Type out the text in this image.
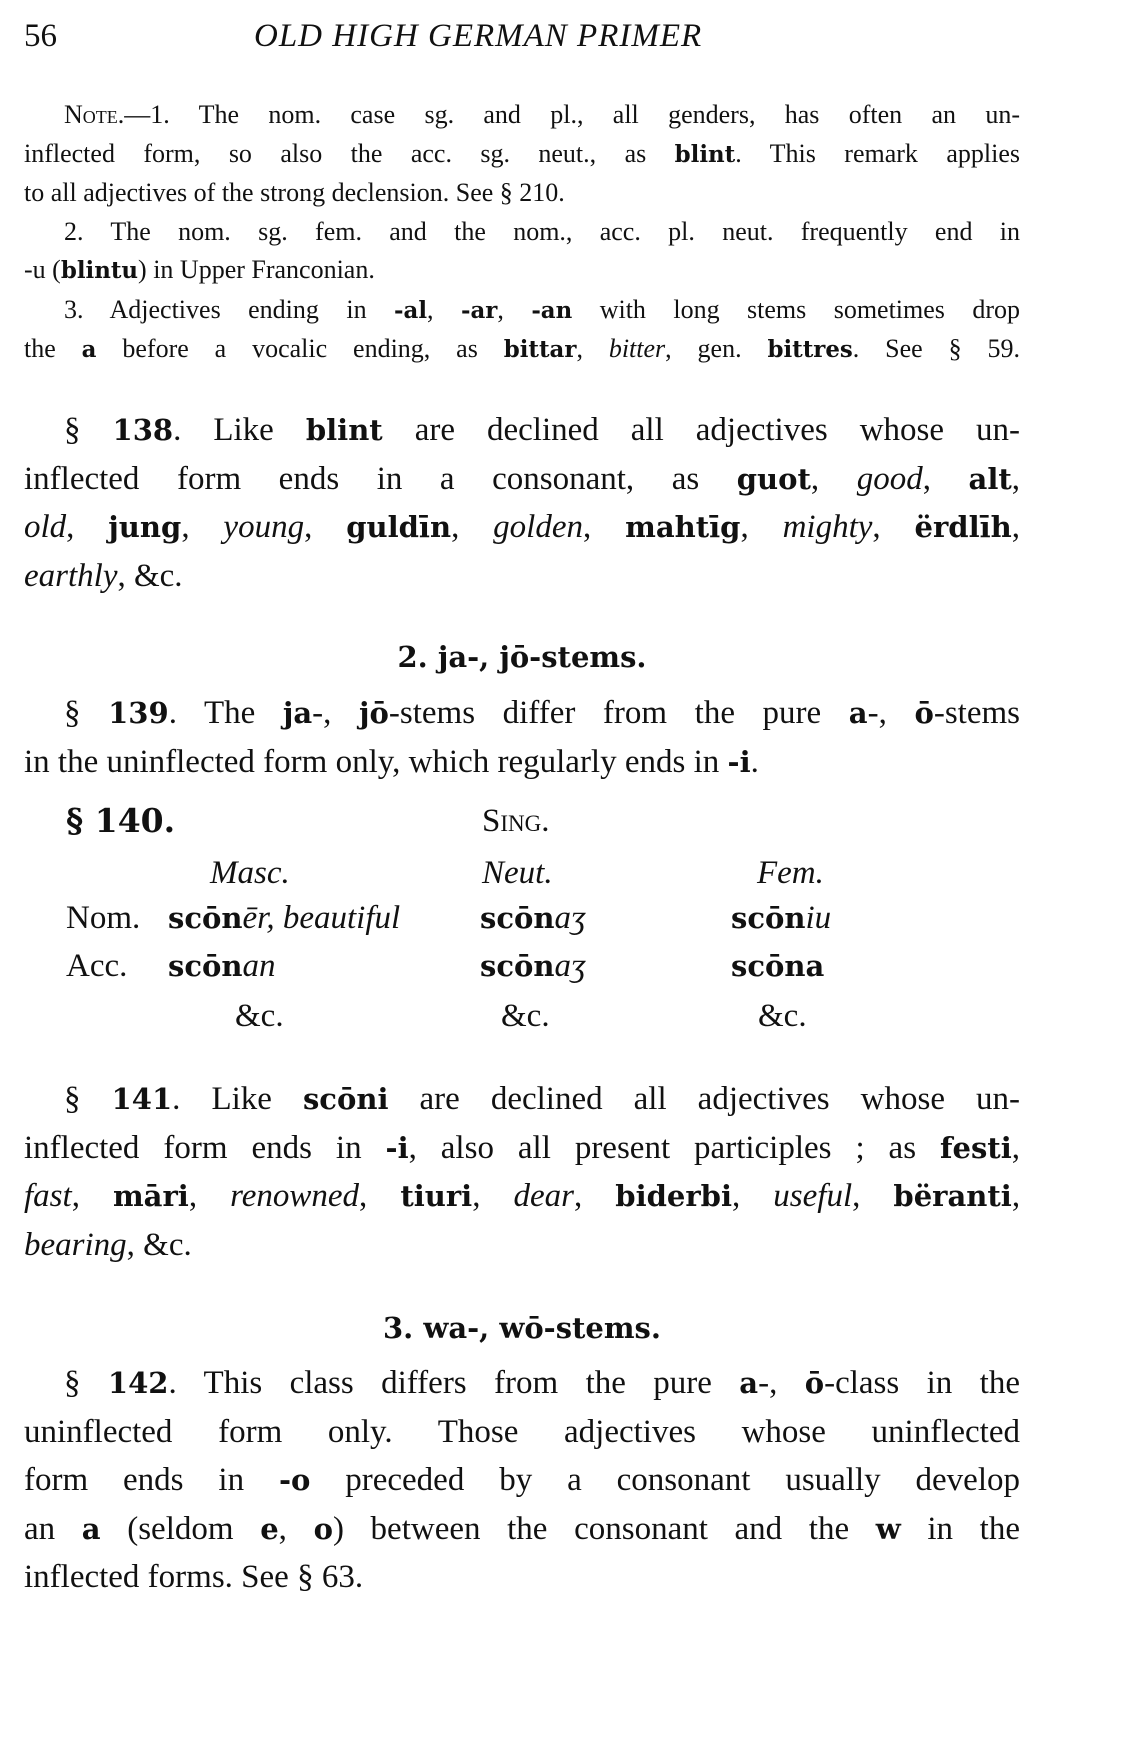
56	OLD HIGH GERMAN PRIMER
Note.—1. The nom. case sg. and pl., all genders, has often an un-
inflected form, so also the acc. sg. neut., as blint. This remark applies
to all adjectives of the strong declension. See § 210.
2. The nom. sg. fem. and the nom., acc. pl. neut. frequently end in
-u (blintu) in Upper Franconian.
3. Adjectives ending in -al, -ar, -an with long stems sometimes drop
the a before a vocalic ending, as bittar, bitter, gen. bittres. See § 59.
§ 138. Like blint are declined all adjectives whose un-
inflected form ends in a consonant, as guot, good, alt,
old, jung, young, guldīn, golden, mahtīg, mighty, ërdlīh,
earthly, &c.
2. ja-, jō-stems.
§ 139. The ja-, jō-stems differ from the pure a-, ō-stems
in the uninflected form only, which regularly ends in -i.
§ 140.	Sing.
Masc.	Neut.	Fem.
Nom. scōnēr, beautiful	scōnaʒ	scōniu
Acc. scōnan	scōnaʒ	scōna
&c.	&c.	&c.
§ 141. Like scōni are declined all adjectives whose un-
inflected form ends in -i, also all present participles ; as festi,
fast, māri, renowned, tiuri, dear, biderbi, useful, bëranti,
bearing, &c.
3. wa-, wō-stems.
§ 142. This class differs from the pure a-, ō-class in the
uninflected form only. Those adjectives whose uninflected
form ends in -o preceded by a consonant usually develop
an a (seldom e, o) between the consonant and the w in the
inflected forms. See § 63.
